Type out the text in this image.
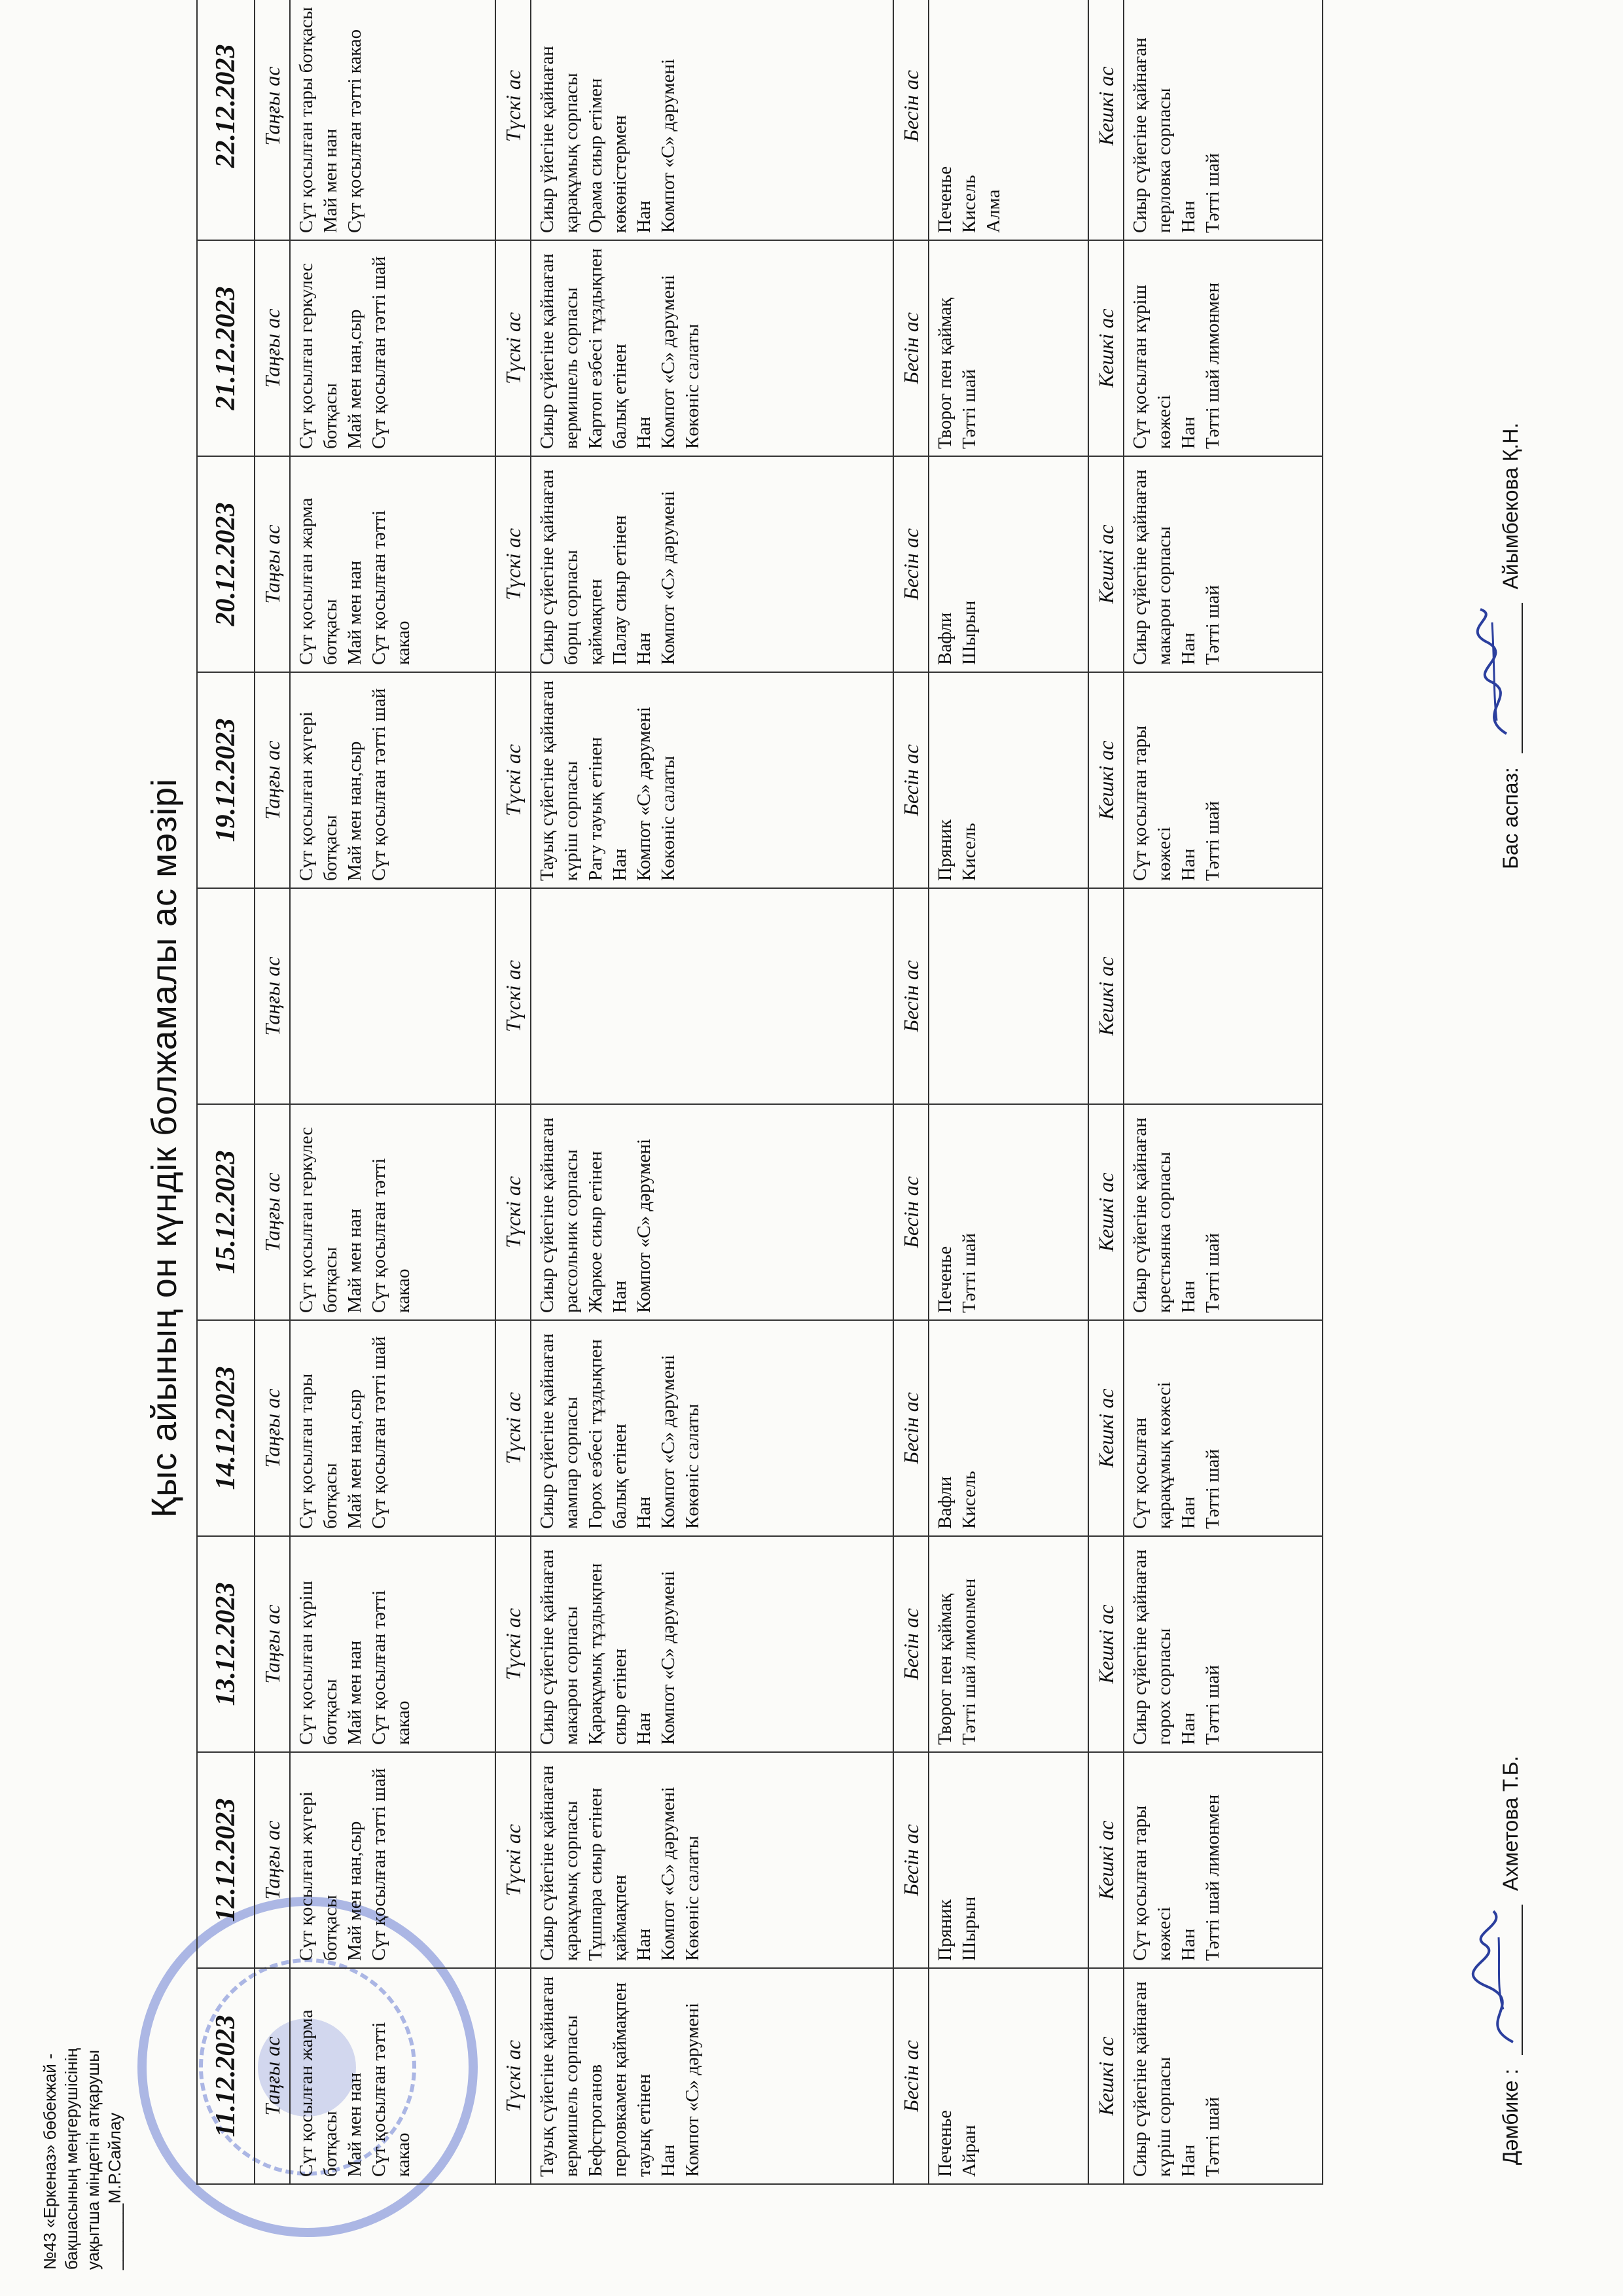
№43 «Еркеназ» бөбекжай - бақшасының меңгерушісінің уақытша міндетін атқарушы _______М.Р.Сайлау
Қыс айының он күндік болжамалы ас мәзірі
11.12.2023	12.12.2023	13.12.2023	14.12.2023	15.12.2023		19.12.2023	20.12.2023	21.12.2023	22.12.2023
Таңғы ас	Таңғы ас	Таңғы ас	Таңғы ас	Таңғы ас	Таңғы ас	Таңғы ас	Таңғы ас	Таңғы ас	Таңғы ас
Сүт қосылған жарма ботқасы
Май мен нан
Сүт қосылған тәтті какао	Сүт қосылған жүгері ботқасы
Май мен нан,сыр
Сүт қосылған тәтті шай	Сүт қосылған күріш ботқасы
Май мен нан
Сүт қосылған тәтті какао	Сүт қосылған тары ботқасы
Май мен нан,сыр
Сүт қосылған тәтті шай	Сүт қосылған геркулес ботқасы
Май мен нан
Сүт қосылған тәтті какао		Сүт қосылған жүгері ботқасы
Май мен нан,сыр
Сүт қосылған тәтті шай	Сүт қосылған жарма ботқасы
Май мен нан
Сүт қосылған тәтті какао	Сүт қосылған геркулес ботқасы
Май мен нан,сыр
Сүт қосылған тәтті шай	Сүт қосылған тары ботқасы
Май мен нан
Сүт қосылған тәтті какао
Түскі ас	Түскі ас	Түскі ас	Түскі ас	Түскі ас	Түскі ас	Түскі ас	Түскі ас	Түскі ас	Түскі ас
Тауық сүйегіне қайнаған вермишель сорпасы
Бефстроганов перловкамен қаймақпен тауық етінен
Нан
Компот «С» дәрумені	Сиыр сүйегіне қайнаған қарақұмық сорпасы
Тұшпара сиыр етінен қаймақпен
Нан
Компот «С» дәрумені
Көкөніс салаты	Сиыр сүйегіне қайнаған макарон сорпасы
Қарақұмық тұздықпен сиыр етінен
Нан
Компот «С» дәрумені	Сиыр сүйегіне қайнаған мампар сорпасы
Горох езбесі тұздықпен балық етінен
Нан
Компот «С» дәрумені
Көкөніс салаты	Сиыр сүйегіне қайнаған рассольник сорпасы
Жаркое сиыр етінен
Нан
Компот «С» дәрумені		Тауық сүйегіне қайнаған күріш сорпасы
Рагу тауық етінен
Нан
Компот «С» дәрумені
Көкөніс салаты	Сиыр сүйегіне қайнаған борщ сорпасы қаймақпен
Палау сиыр етінен
Нан
Компот «С» дәрумені	Сиыр сүйегіне қайнаған вермишель сорпасы
Картоп езбесі тұздықпен балық етінен
Нан
Компот «С» дәрумені
Көкөніс салаты	Сиыр үйегіне қайнаған қарақұмық сорпасы
Орама сиыр етімен көкөністермен
Нан
Компот «С» дәрумені
Бесін ас	Бесін ас	Бесін ас	Бесін ас	Бесін ас	Бесін ас	Бесін ас	Бесін ас	Бесін ас	Бесін ас
Печенье
Айран	Пряник
Шырын	Творог пен қаймақ
Тәтті шай лимонмен	Вафли
Кисель	Печенье
Тәтті шай		Пряник
Кисель	Вафли
Шырын	Творог пен қаймақ
Тәтті шай	Печенье
Кисель
Алма
Кешкі ас	Кешкі ас	Кешкі ас	Кешкі ас	Кешкі ас	Кешкі ас	Кешкі ас	Кешкі ас	Кешкі ас	Кешкі ас
Сиыр сүйегіне қайнаған күріш сорпасы
Нан
Тәтті шай	Сүт қосылған тары көжесі
Нан
Тәтті шай лимонмен	Сиыр сүйегіне қайнаған горох сорпасы
Нан
Тәтті шай	Сүт қосылған қарақұмық көжесі
Нан
Тәтті шай	Сиыр сүйегіне қайнаған крестьянка сорпасы
Нан
Тәтті шай		Сүт қосылған тары көжесі
Нан
Тәтті шай	Сиыр сүйегіне қайнаған макарон сорпасы
Нан
Тәтті шай	Сүт қосылған күріш көжесі
Нан
Тәтті шай лимонмен	Сиыр сүйегіне қайнаған перловка сорпасы
Нан
Тәтті шай
Дәмбике :
Ахметова Т.Б.
Бас аспаз:
Айымбекова Қ.Н.
